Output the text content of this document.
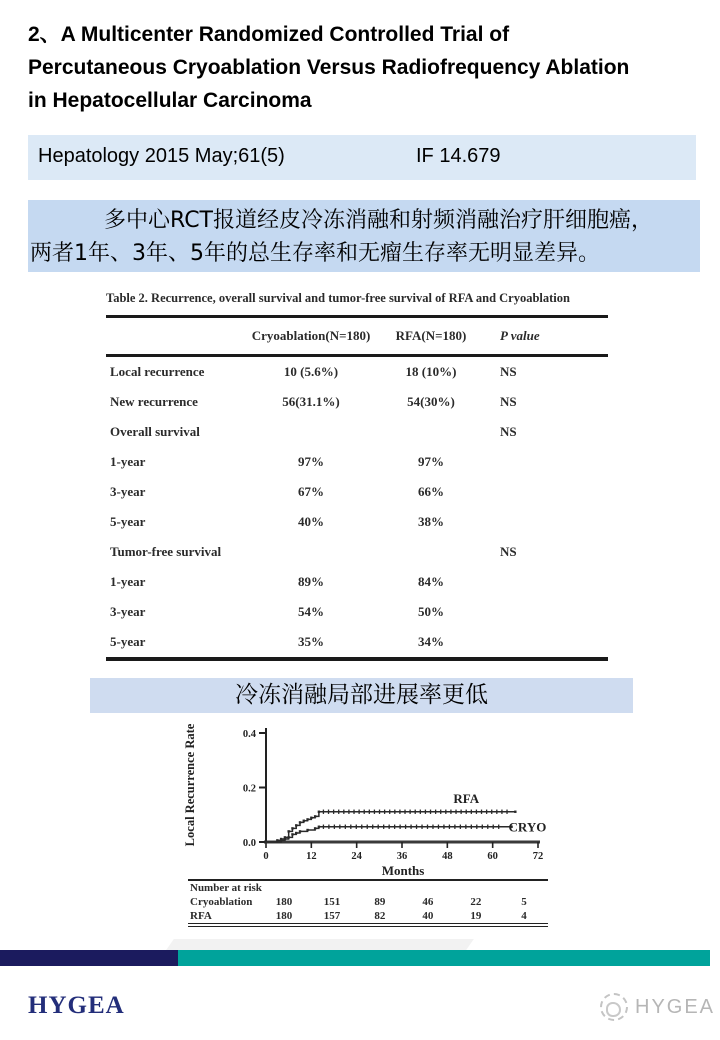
2、A Multicenter Randomized Controlled Trial of
Percutaneous Cryoablation Versus Radiofrequency Ablation
in Hepatocellular Carcinoma
Hepatology 2015 May;61(5)	IF 14.679
多中心RCT报道经皮冷冻消融和射频消融治疗肝细胞癌，
两者1年、3年、5年的总生存率和无瘤生存率无明显差异。
Table 2. Recurrence, overall survival and tumor-free survival of RFA and Cryoablation
	Cryoablation(N=180)	RFA(N=180)	P value
Local recurrence	10 (5.6%)	18 (10%)	NS
New recurrence	56(31.1%)	54(30%)	NS
Overall survival			NS
1-year	97%	97%	
3-year	67%	66%	
5-year	40%	38%	
Tumor-free survival			NS
1-year	89%	84%	
3-year	54%	50%	
5-year	35%	34%	
冷冻消融局部进展率更低
0.0
0.2
0.4
0	12	24	36	48	60	72
Months
Local Recurrence Rate	RFA
CRYO
Number at risk						
Cryoablation	180	151	89	46	22	5
RFA	180	157	82	40	19	4
HYGEA	HYGEA
